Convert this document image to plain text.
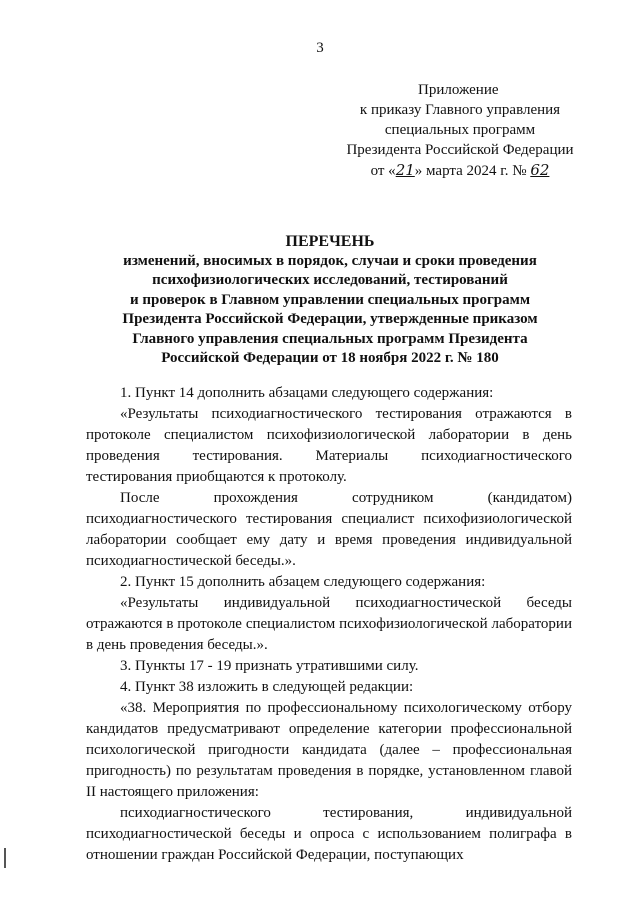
3
Приложение
к приказу Главного управления
специальных программ
Президента Российской Федерации
от «21» марта 2024 г. № 62
ПЕРЕЧЕНЬ
изменений, вносимых в порядок, случаи и сроки проведения
психофизиологических исследований, тестирований
и проверок в Главном управлении специальных программ
Президента Российской Федерации, утвержденные приказом
Главного управления специальных программ Президента
Российской Федерации от 18 ноября 2022 г. № 180

1. Пункт 14 дополнить абзацами следующего содержания:

«Результаты психодиагностического тестирования отражаются в протоколе специалистом психофизиологической лаборатории в день проведения тестирования. Материалы психодиагностического тестирования приобщаются к протоколу.

После прохождения сотрудником (кандидатом) психодиагностического тестирования специалист психофизиологической лаборатории сообщает ему дату и время проведения индивидуальной психодиагностической беседы.».

2. Пункт 15 дополнить абзацем следующего содержания:

«Результаты индивидуальной психодиагностической беседы отражаются в протоколе специалистом психофизиологической лаборатории в день проведения беседы.».

3. Пункты 17 - 19 признать утратившими силу.

4. Пункт 38 изложить в следующей редакции:

«38. Мероприятия по профессиональному психологическому отбору кандидатов предусматривают определение категории профессиональной психологической пригодности кандидата (далее – профессиональная пригодность) по результатам проведения в порядке, установленном главой II настоящего приложения:

психодиагностического тестирования, индивидуальной психодиагностической беседы и опроса с использованием полиграфа в отношении граждан Российской Федерации, поступающих
